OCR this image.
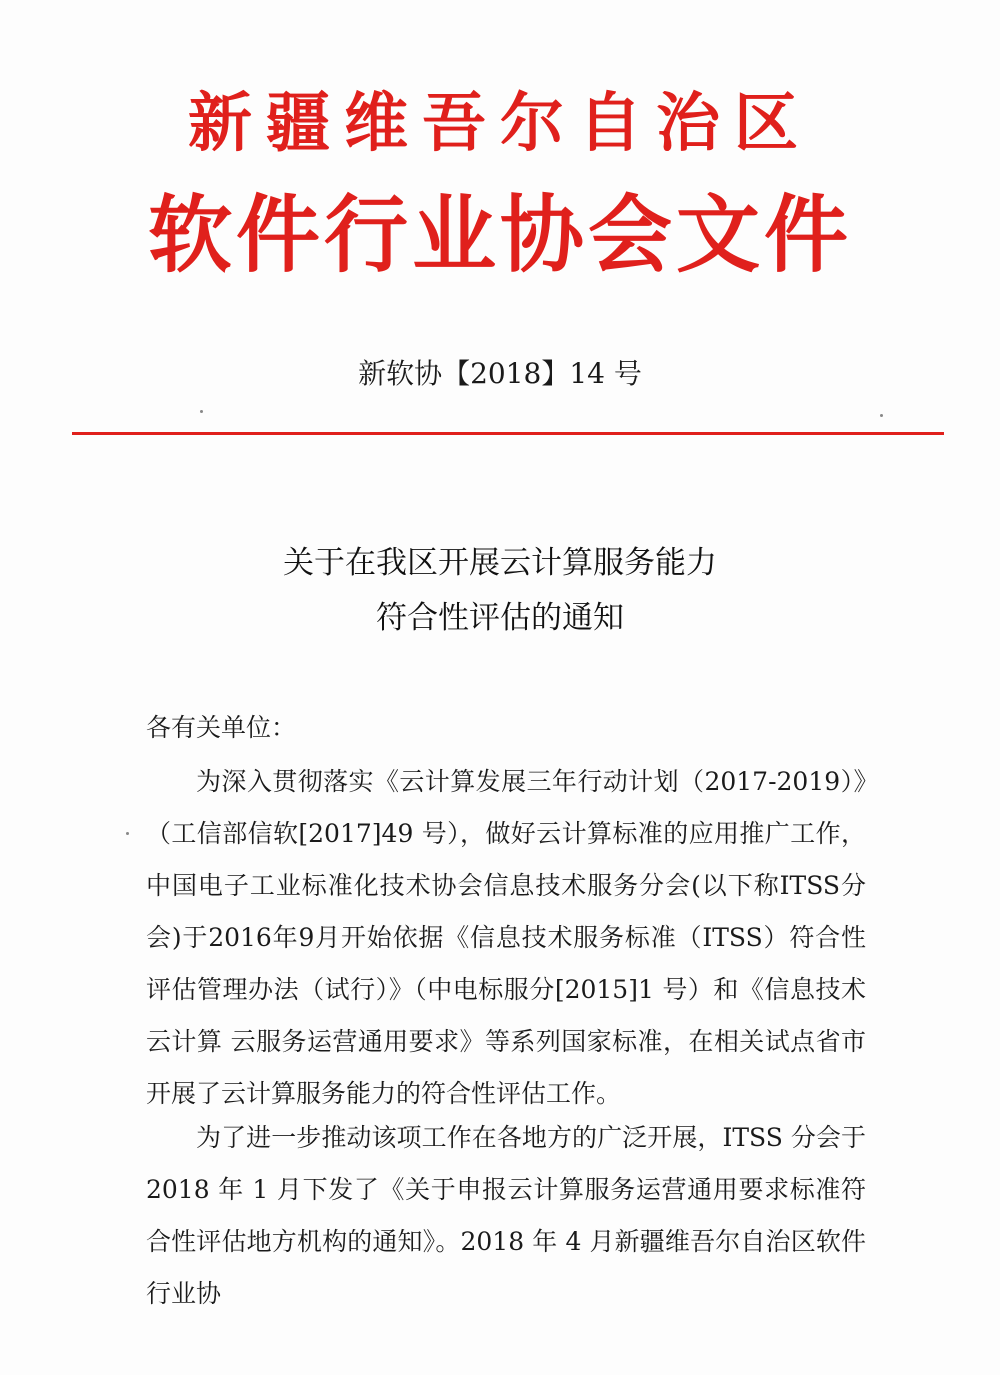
新疆维吾尔自治区
软件行业协会文件
新软协【2018】14 号
关于在我区开展云计算服务能力
符合性评估的通知
各有关单位：

为深入贯彻落实《云计算发展三年行动计划（2017-2019）》（工信部信软[2017]49 号），做好云计算标准的应用推广工作，中国电子工业标准化技术协会信息技术服务分会(以下称ITSS分会)于2016年9月开始依据《信息技术服务标准（ITSS）符合性评估管理办法（试行）》（中电标服分[2015]1 号）和《信息技术 云计算 云服务运营通用要求》等系列国家标准，在相关试点省市开展了云计算服务能力的符合性评估工作。

为了进一步推动该项工作在各地方的广泛开展，ITSS 分会于 2018 年 1 月下发了《关于申报云计算服务运营通用要求标准符合性评估地方机构的通知》。2018 年 4 月新疆维吾尔自治区软件行业协
